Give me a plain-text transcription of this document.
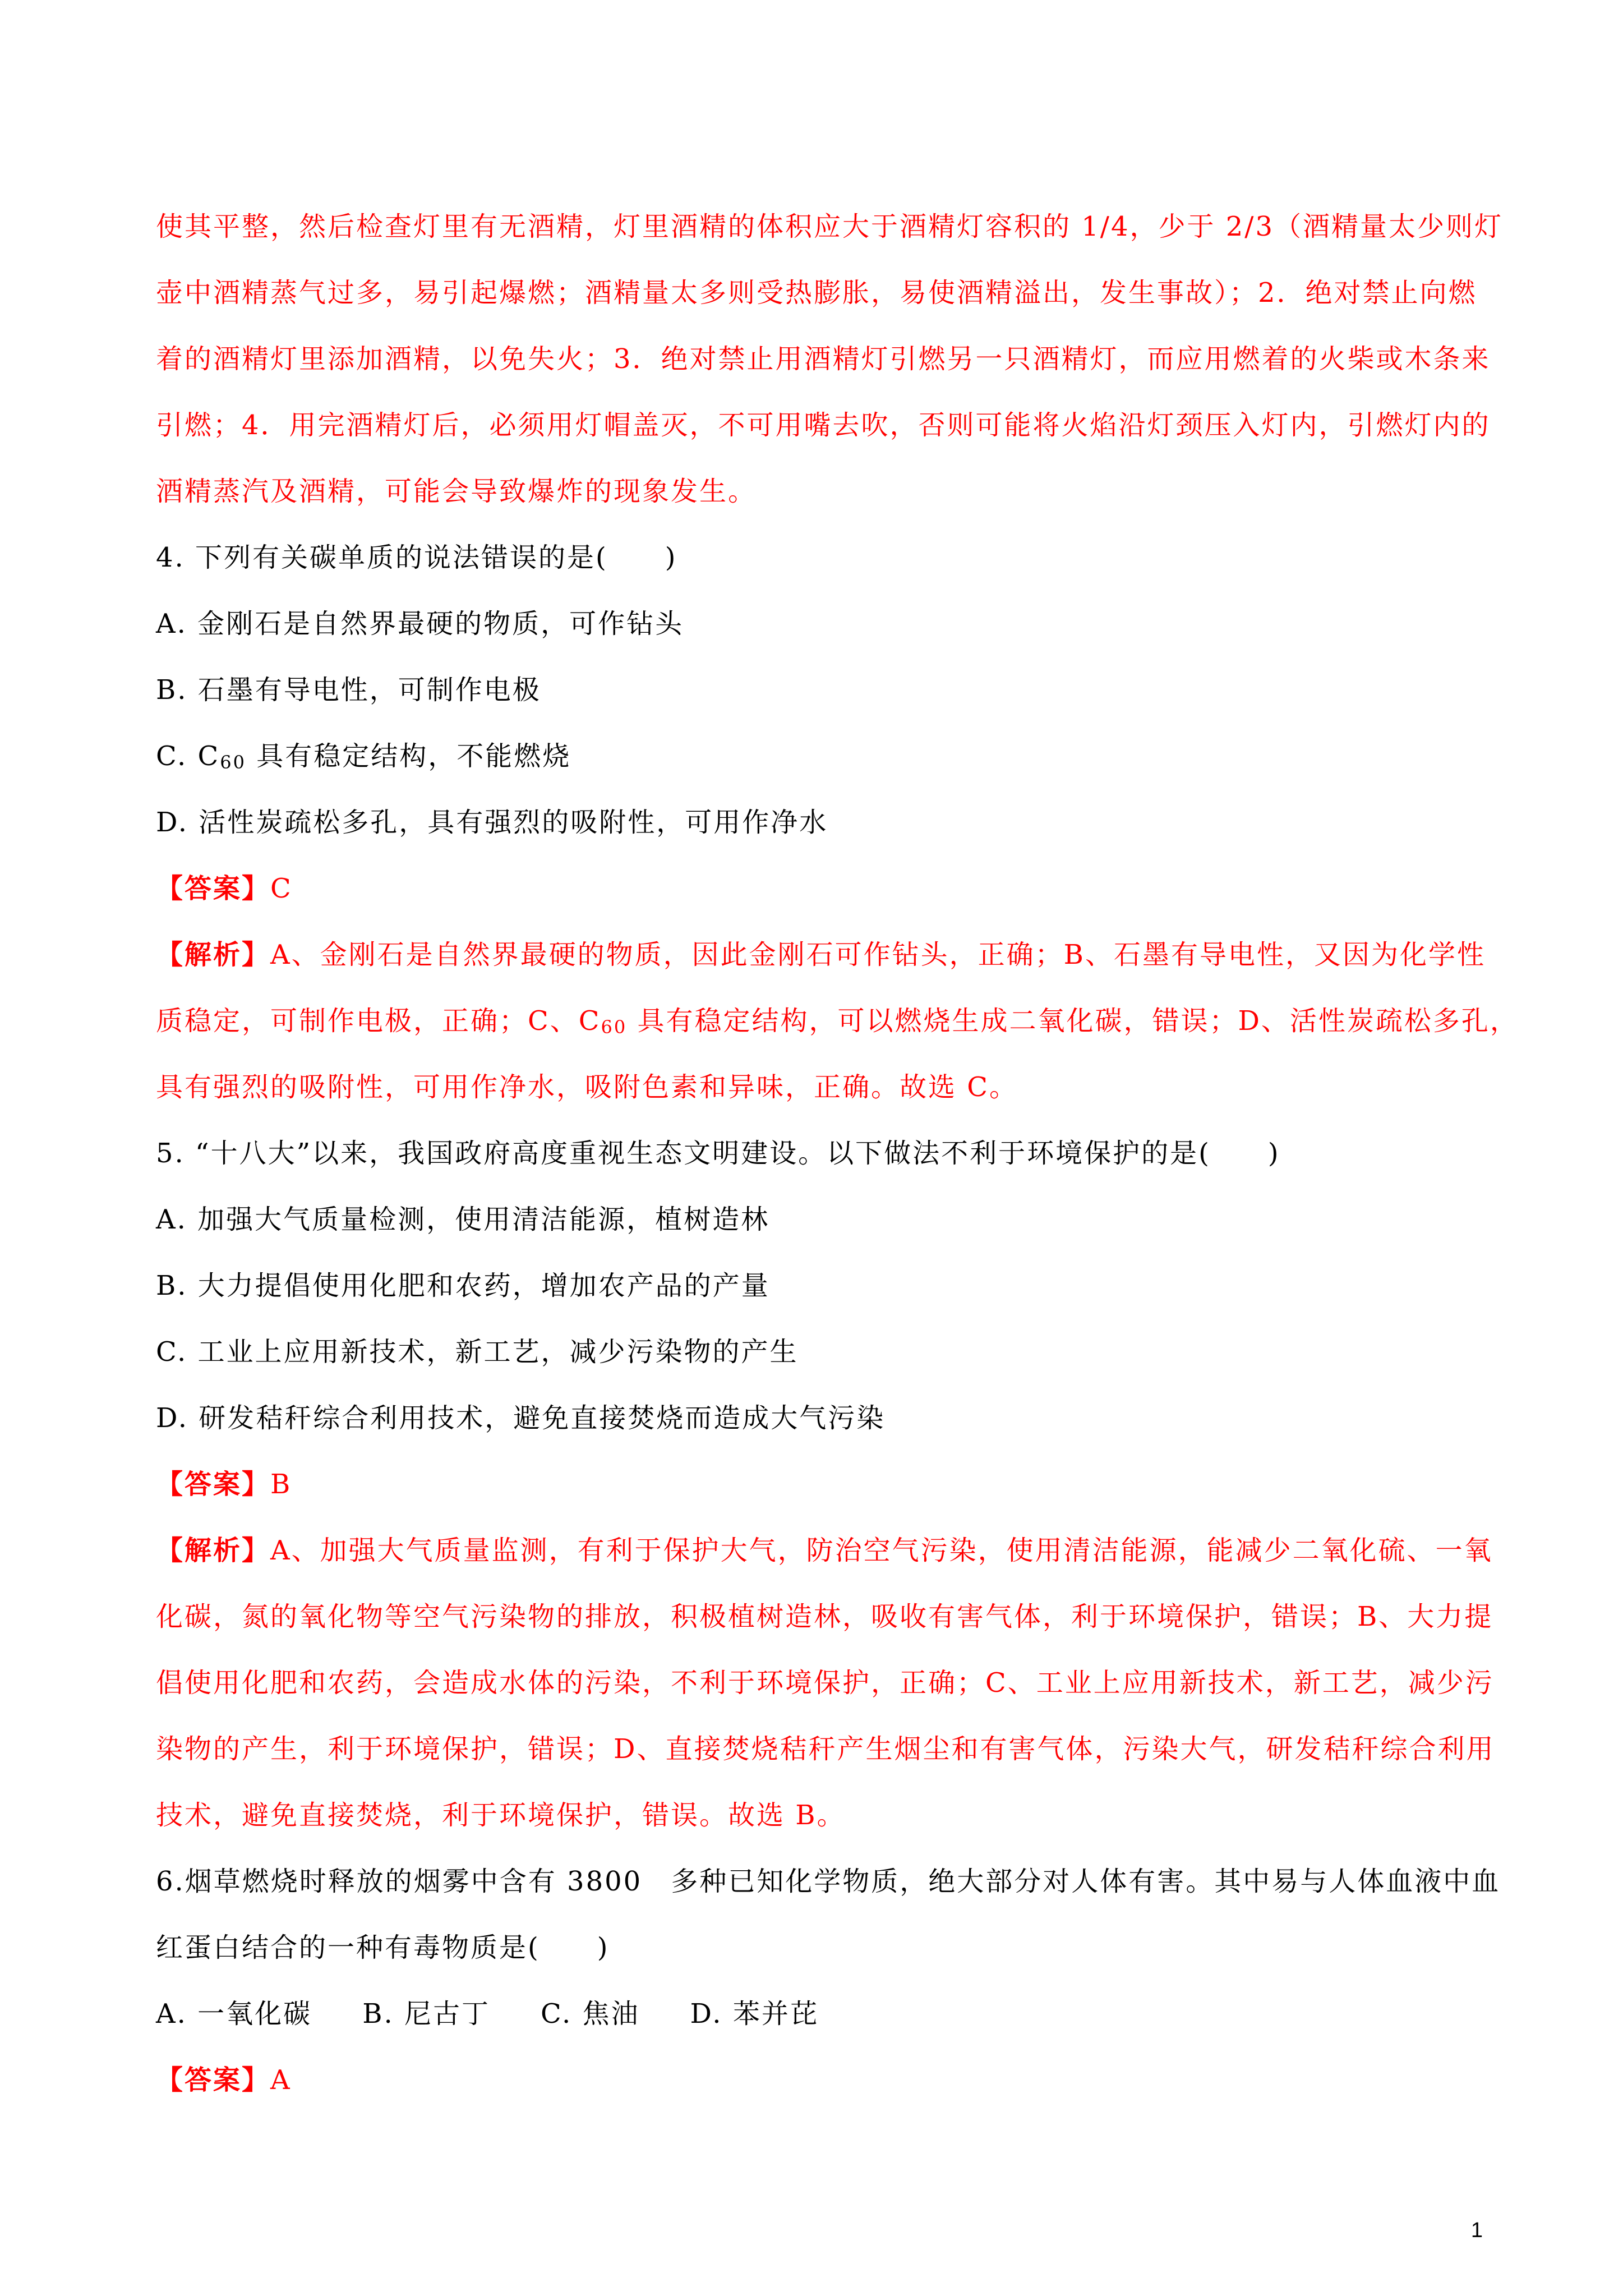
使其平整，然后检查灯里有无酒精，灯里酒精的体积应大于酒精灯容积的 1/4，少于 2/3（酒精量太少则灯
壶中酒精蒸气过多，易引起爆燃；酒精量太多则受热膨胀，易使酒精溢出，发生事故）；2．绝对禁止向燃
着的酒精灯里添加酒精，以免失火；3．绝对禁止用酒精灯引燃另一只酒精灯，而应用燃着的火柴或木条来
引燃；4．用完酒精灯后，必须用灯帽盖灭，不可用嘴去吹，否则可能将火焰沿灯颈压入灯内，引燃灯内的
酒精蒸汽及酒精，可能会导致爆炸的现象发生。
4. 下列有关碳单质的说法错误的是(　　)
A. 金刚石是自然界最硬的物质，可作钻头
B. 石墨有导电性，可制作电极
C. $C_{60}$ 具有稳定结构，不能燃烧
D. 活性炭疏松多孔，具有强烈的吸附性，可用作净水
【答案】C
【解析】A、金刚石是自然界最硬的物质，因此金刚石可作钻头，正确；B、石墨有导电性，又因为化学性
质稳定，可制作电极，正确；C、$C_{60}$ 具有稳定结构，可以燃烧生成二氧化碳，错误；D、活性炭疏松多孔，
具有强烈的吸附性，可用作净水，吸附色素和异味，正确。故选 C。
5. “十八大”以来，我国政府高度重视生态文明建设。以下做法不利于环境保护的是(　　)
A. 加强大气质量检测，使用清洁能源，植树造林
B. 大力提倡使用化肥和农药，增加农产品的产量
C. 工业上应用新技术，新工艺，减少污染物的产生
D. 研发秸秆综合利用技术，避免直接焚烧而造成大气污染
【答案】B
【解析】A、加强大气质量监测，有利于保护大气，防治空气污染，使用清洁能源，能减少二氧化硫、一氧
化碳，氮的氧化物等空气污染物的排放，积极植树造林，吸收有害气体，利于环境保护，错误；B、大力提
倡使用化肥和农药，会造成水体的污染，不利于环境保护，正确；C、工业上应用新技术，新工艺，减少污
染物的产生，利于环境保护，错误；D、直接焚烧秸秆产生烟尘和有害气体，污染大气，研发秸秆综合利用
技术，避免直接焚烧，利于环境保护，错误。故选 B。
6.烟草燃烧时释放的烟雾中含有 3800　多种已知化学物质，绝大部分对人体有害。其中易与人体血液中血
红蛋白结合的一种有毒物质是(　　)
A. 一氧化碳 B. 尼古丁 C. 焦油 D. 苯并芘
【答案】A
1
